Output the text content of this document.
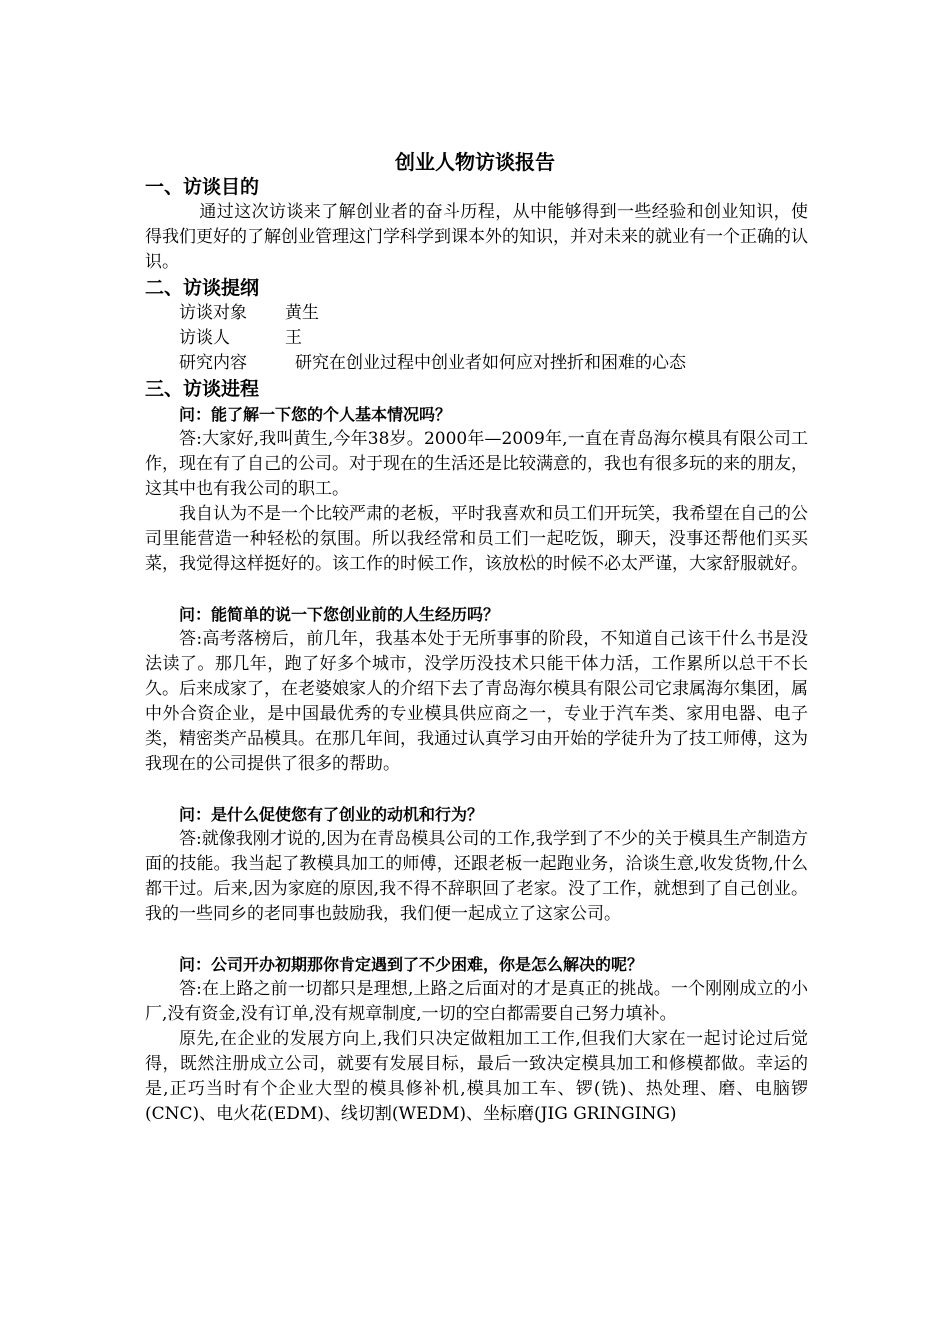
创业人物访谈报告

一、访谈目的

通过这次访谈来了解创业者的奋斗历程，从中能够得到一些经验和创业知识，使得我们更好的了解创业管理这门学科学到课本外的知识，并对未来的就业有一个正确的认识。

二、访谈提纲

访谈对象	黄生
访谈人	王
研究内容	研究在创业过程中创业者如何应对挫折和困难的心态

三、访谈进程

问：能了解一下您的个人基本情况吗？

答:大家好,我叫黄生,今年38岁。2000年—2009年,一直在青岛海尔模具有限公司工作，现在有了自己的公司。对于现在的生活还是比较满意的，我也有很多玩的来的朋友，这其中也有我公司的职工。

我自认为不是一个比较严肃的老板，平时我喜欢和员工们开玩笑，我希望在自己的公司里能营造一种轻松的氛围。所以我经常和员工们一起吃饭，聊天，没事还帮他们买买菜，我觉得这样挺好的。该工作的时候工作，该放松的时候不必太严谨，大家舒服就好。

问：能简单的说一下您创业前的人生经历吗？

答:高考落榜后，前几年，我基本处于无所事事的阶段，不知道自己该干什么书是没法读了。那几年，跑了好多个城市，没学历没技术只能干体力活，工作累所以总干不长久。后来成家了，在老婆娘家人的介绍下去了青岛海尔模具有限公司它隶属海尔集团，属中外合资企业，是中国最优秀的专业模具供应商之一，专业于汽车类、家用电器、电子类，精密类产品模具。在那几年间，我通过认真学习由开始的学徒升为了技工师傅，这为我现在的公司提供了很多的帮助。

问：是什么促使您有了创业的动机和行为？

答:就像我刚才说的,因为在青岛模具公司的工作,我学到了不少的关于模具生产制造方面的技能。我当起了教模具加工的师傅，还跟老板一起跑业务，洽谈生意,收发货物,什么都干过。后来,因为家庭的原因,我不得不辞职回了老家。没了工作，就想到了自己创业。我的一些同乡的老同事也鼓励我，我们便一起成立了这家公司。

问：公司开办初期那你肯定遇到了不少困难，你是怎么解决的呢？

答:在上路之前一切都只是理想,上路之后面对的才是真正的挑战。一个刚刚成立的小厂,没有资金,没有订单,没有规章制度,一切的空白都需要自己努力填补。

原先,在企业的发展方向上,我们只决定做粗加工工作,但我们大家在一起讨论过后觉得，既然注册成立公司，就要有发展目标，最后一致决定模具加工和修模都做。幸运的是,正巧当时有个企业大型的模具修补机,模具加工车、锣(铣)、热处理、磨、电脑锣(CNC)、电火花(EDM)、线切割(WEDM)、坐标磨(JIG GRINGING)
